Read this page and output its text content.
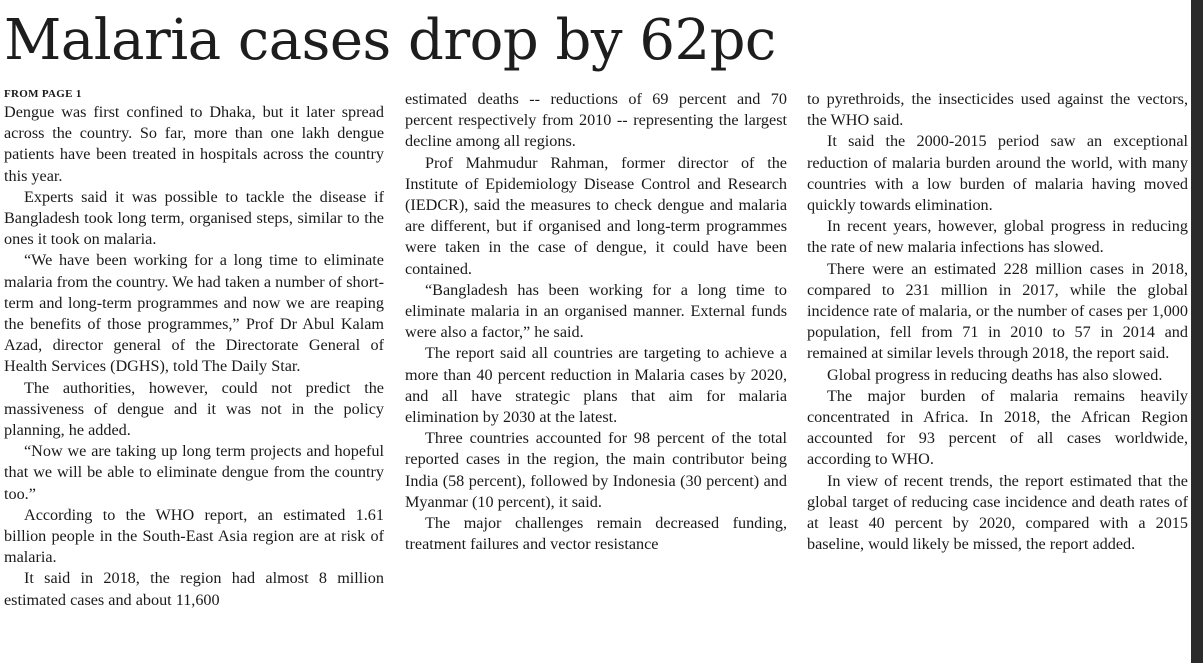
Malaria cases drop by 62pc
FROM PAGE 1

Dengue was first confined to Dhaka, but it later spread across the country. So far, more than one lakh dengue patients have been treated in hospitals across the country this year.

Experts said it was possible to tackle the disease if Bangladesh took long term, organised steps, similar to the ones it took on malaria.

“We have been working for a long time to eliminate malaria from the country. We had taken a number of short-term and long-term programmes and now we are reaping the benefits of those programmes,” Prof Dr Abul Kalam Azad, director general of the Directorate General of Health Services (DGHS), told The Daily Star.

The authorities, however, could not predict the massiveness of dengue and it was not in the policy planning, he added.

“Now we are taking up long term projects and hopeful that we will be able to eliminate dengue from the country too.”

According to the WHO report, an estimated 1.61 billion people in the South-East Asia region are at risk of malaria.

It said in 2018, the region had almost 8 million estimated cases and about 11,600

estimated deaths -- reductions of 69 percent and 70 percent respectively from 2010 -- representing the largest decline among all regions.

Prof Mahmudur Rahman, former director of the Institute of Epidemiology Disease Control and Research (IEDCR), said the measures to check dengue and malaria are different, but if organised and long-term programmes were taken in the case of dengue, it could have been contained.

“Bangladesh has been working for a long time to eliminate malaria in an organised manner. External funds were also a factor,” he said.

The report said all countries are targeting to achieve a more than 40 percent reduction in Malaria cases by 2020, and all have strategic plans that aim for malaria elimination by 2030 at the latest.

Three countries accounted for 98 percent of the total reported cases in the region, the main contributor being India (58 percent), followed by Indonesia (30 percent) and Myanmar (10 percent), it said.

The major challenges remain decreased funding, treatment failures and vector resistance

to pyrethroids, the insecticides used against the vectors, the WHO said.

It said the 2000-2015 period saw an exceptional reduction of malaria burden around the world, with many countries with a low burden of malaria having moved quickly towards elimination.

In recent years, however, global progress in reducing the rate of new malaria infections has slowed.

There were an estimated 228 million cases in 2018, compared to 231 million in 2017, while the global incidence rate of malaria, or the number of cases per 1,000 population, fell from 71 in 2010 to 57 in 2014 and remained at similar levels through 2018, the report said.

Global progress in reducing deaths has also slowed.

The major burden of malaria remains heavily concentrated in Africa. In 2018, the African Region accounted for 93 percent of all cases worldwide, according to WHO.

In view of recent trends, the report estimated that the global target of reducing case incidence and death rates of at least 40 percent by 2020, compared with a 2015 baseline, would likely be missed, the report added.
